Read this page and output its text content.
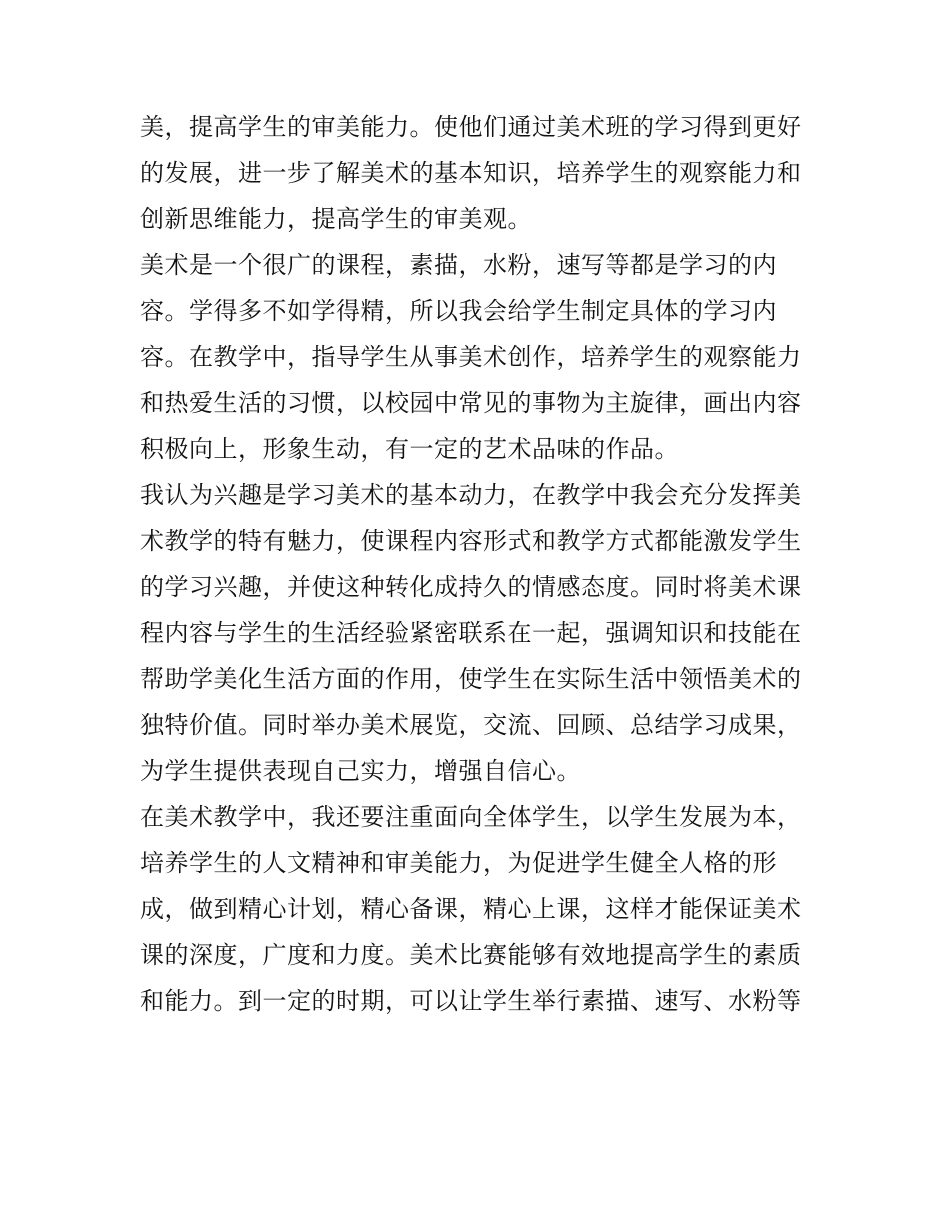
美，提高学生的审美能力。使他们通过美术班的学习得到更好
的发展，进一步了解美术的基本知识，培养学生的观察能力和
创新思维能力，提高学生的审美观。
美术是一个很广的课程，素描，水粉，速写等都是学习的内
容。学得多不如学得精，所以我会给学生制定具体的学习内
容。在教学中，指导学生从事美术创作，培养学生的观察能力
和热爱生活的习惯，以校园中常见的事物为主旋律，画出内容
积极向上，形象生动，有一定的艺术品味的作品。
我认为兴趣是学习美术的基本动力，在教学中我会充分发挥美
术教学的特有魅力，使课程内容形式和教学方式都能激发学生
的学习兴趣，并使这种转化成持久的情感态度。同时将美术课
程内容与学生的生活经验紧密联系在一起，强调知识和技能在
帮助学美化生活方面的作用，使学生在实际生活中领悟美术的
独特价值。同时举办美术展览，交流、回顾、总结学习成果，
为学生提供表现自己实力，增强自信心。
在美术教学中，我还要注重面向全体学生，以学生发展为本，
培养学生的人文精神和审美能力，为促进学生健全人格的形
成，做到精心计划，精心备课，精心上课，这样才能保证美术
课的深度，广度和力度。美术比赛能够有效地提高学生的素质
和能力。到一定的时期，可以让学生举行素描、速写、水粉等
